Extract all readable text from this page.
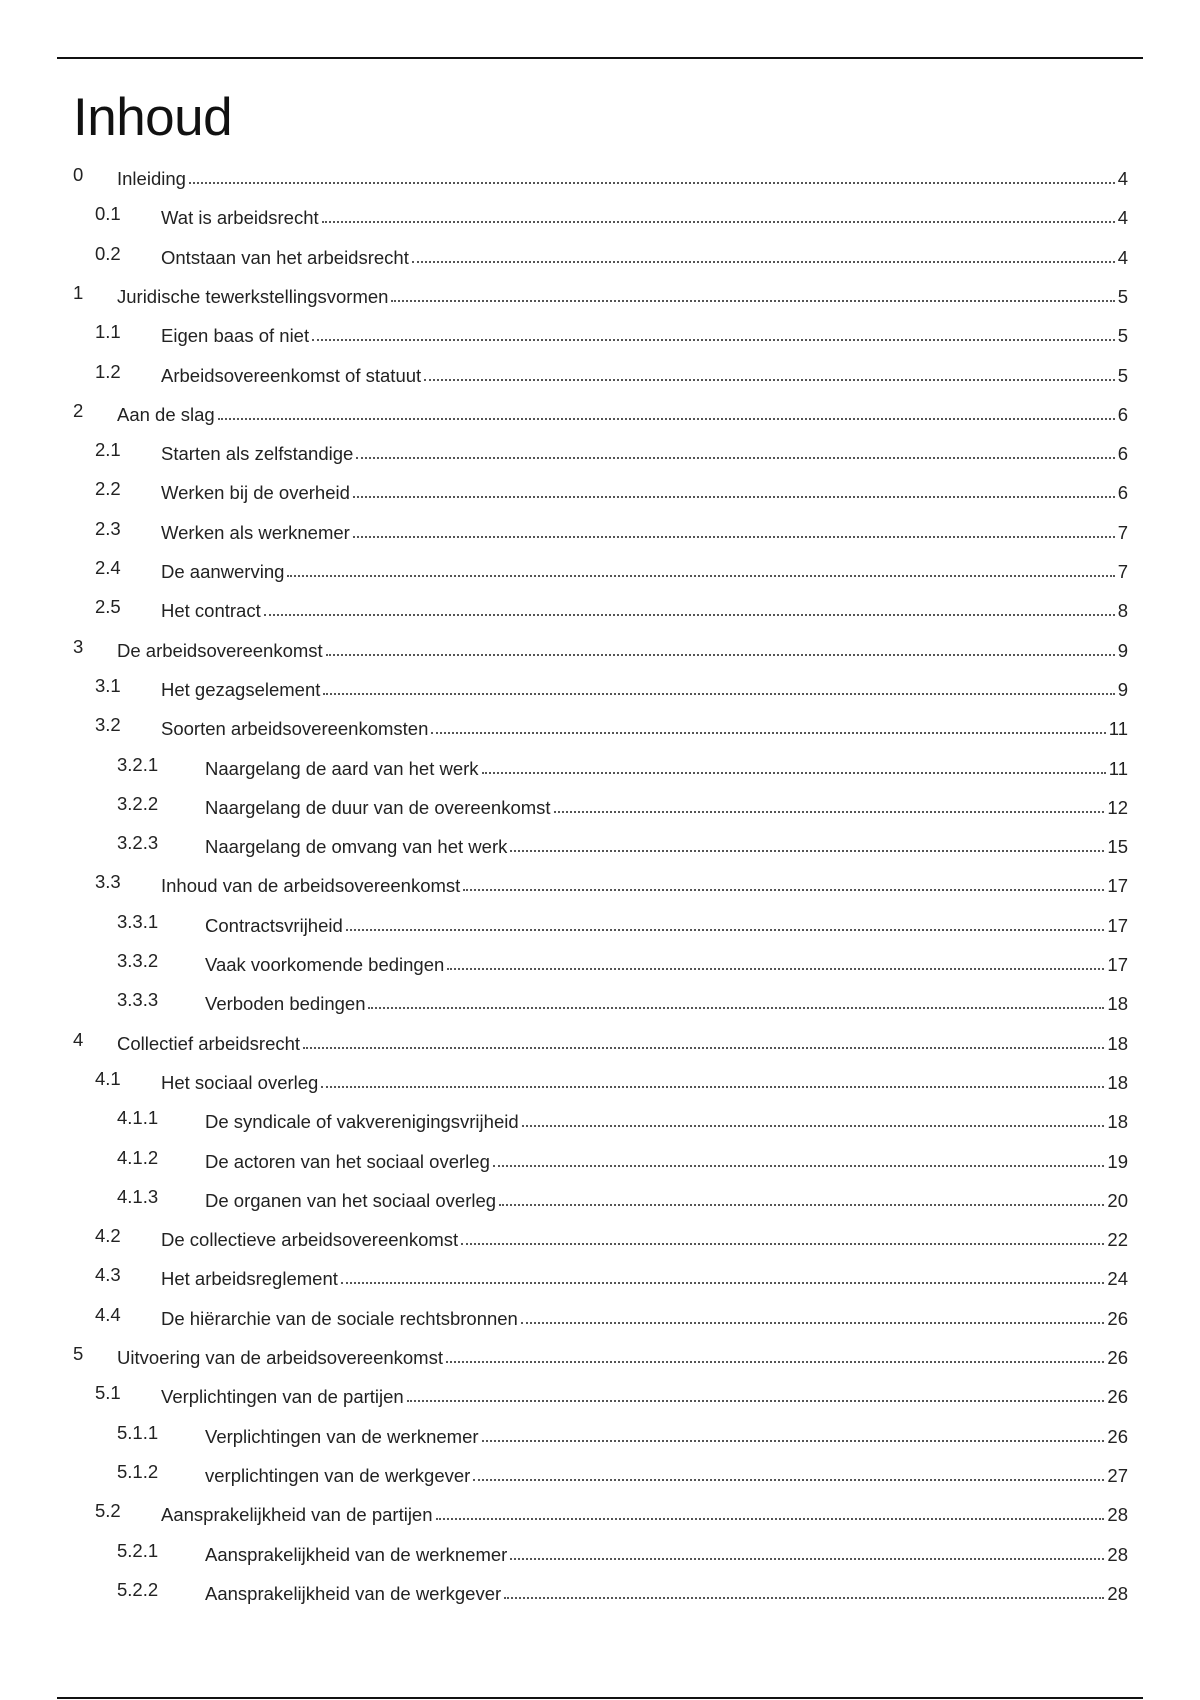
Inhoud
0 Inleiding	4
0.1 Wat is arbeidsrecht	4
0.2 Ontstaan van het arbeidsrecht	4
1 Juridische tewerkstellingsvormen	5
1.1 Eigen baas of niet	5
1.2 Arbeidsovereenkomst of statuut	5
2 Aan de slag	6
2.1 Starten als zelfstandige	6
2.2 Werken bij de overheid	6
2.3 Werken als werknemer	7
2.4 De aanwerving	7
2.5 Het contract	8
3 De arbeidsovereenkomst	9
3.1 Het gezagselement	9
3.2 Soorten arbeidsovereenkomsten	11
3.2.1	Naargelang de aard van het werk	11
3.2.2	Naargelang de duur van de overeenkomst	12
3.2.3	Naargelang de omvang van het werk	15
3.3 Inhoud van de arbeidsovereenkomst	17
3.3.1	Contractsvrijheid	17
3.3.2	Vaak voorkomende bedingen	17
3.3.3	Verboden bedingen	18
4 Collectief arbeidsrecht	18
4.1 Het sociaal overleg	18
4.1.1	De syndicale of vakverenigingsvrijheid	18
4.1.2	De actoren van het sociaal overleg	19
4.1.3	De organen van het sociaal overleg	20
4.2 De collectieve arbeidsovereenkomst	22
4.3 Het arbeidsreglement	24
4.4 De hiërarchie van de sociale rechtsbronnen	26
5 Uitvoering van de arbeidsovereenkomst	26
5.1 Verplichtingen van de partijen	26
5.1.1	Verplichtingen van de werknemer	26
5.1.2	verplichtingen van de werkgever	27
5.2 Aansprakelijkheid van de partijen	28
5.2.1	Aansprakelijkheid van de werknemer	28
5.2.2	Aansprakelijkheid van de werkgever	28
